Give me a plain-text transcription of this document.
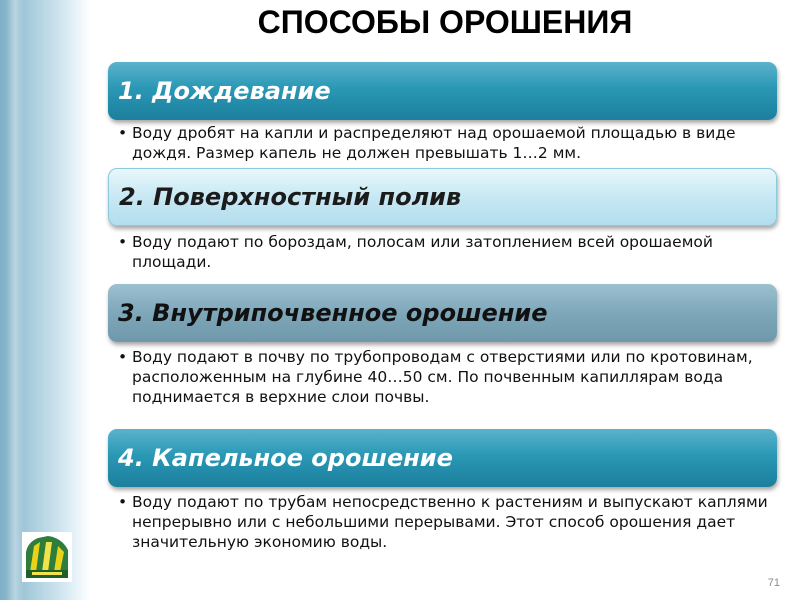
СПОСОБЫ ОРОШЕНИЯ
1. Дождевание
• Воду дробят на капли и распределяют над орошаемой площадью в виде дождя. Размер капель не должен превышать 1…2 мм.
2. Поверхностный полив
• Воду подают по бороздам, полосам или затоплением всей орошаемой площади.
3. Внутрипочвенное орошение
• Воду подают в почву по трубопроводам с отверстиями или по кротовинам, расположенным на глубине 40…50 см. По почвенным капиллярам вода поднимается в верхние слои почвы.
4. Капельное орошение
• Воду подают по трубам непосредственно к растениям и выпускают каплями непрерывно или с небольшими перерывами. Этот способ орошения дает значительную экономию воды.
71
